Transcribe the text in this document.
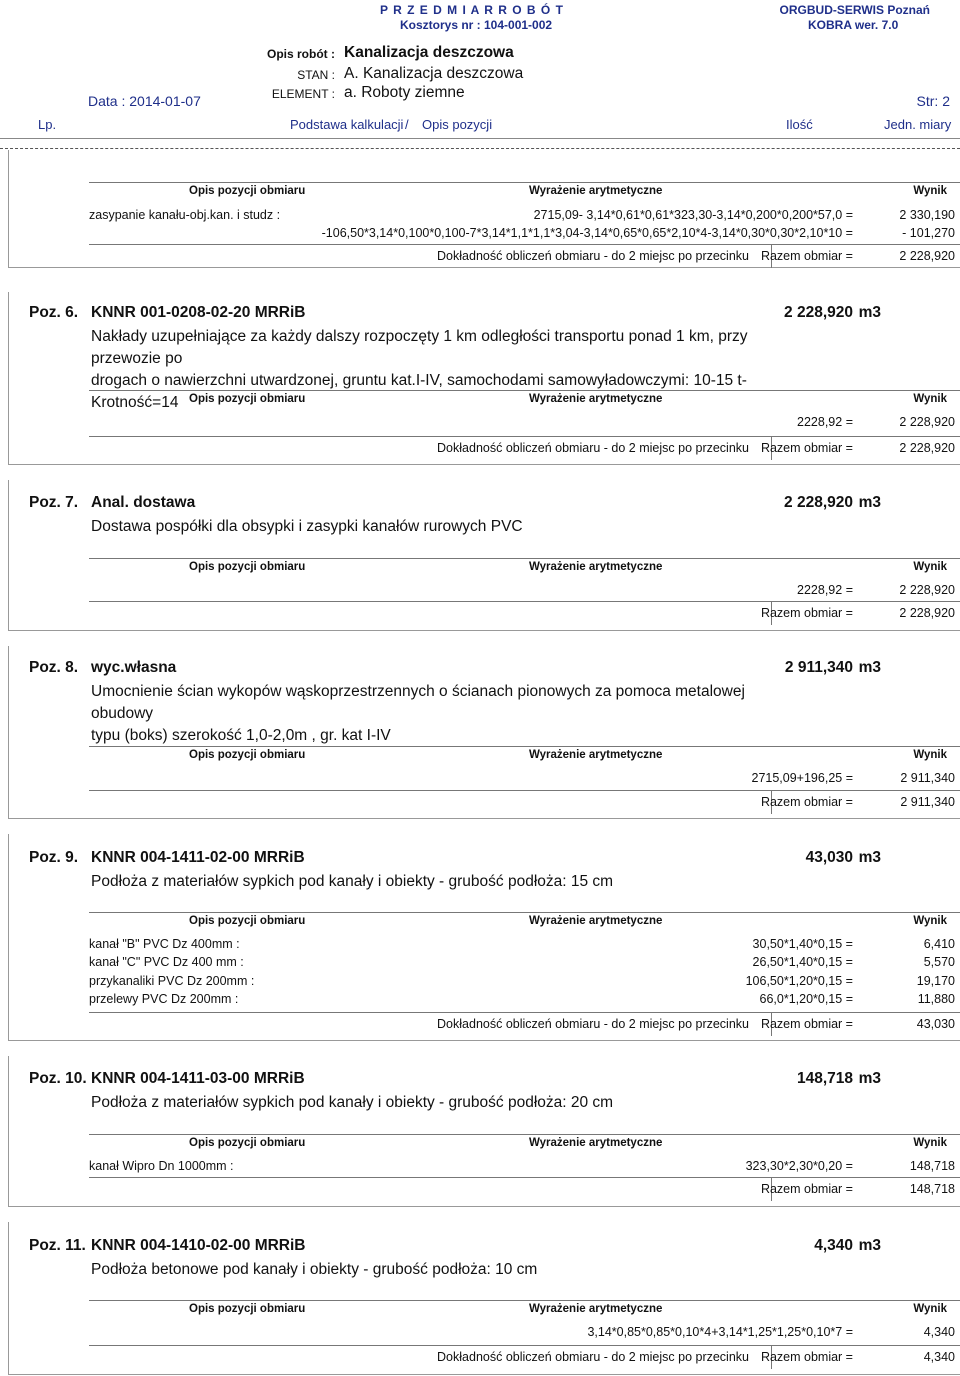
P R Z E D M I A R R O B Ó T	ORGBUD-SERWIS Poznań
Kosztorys nr : 104-001-002	KOBRA wer. 7.0
Opis robót : Kanalizacja deszczowa
STAN : A. Kanalizacja deszczowa
ELEMENT : a. Roboty ziemne
Data : 2014-01-07	Str: 2
Lp.	Podstawa kalkulacji / Opis pozycji	Ilość	Jedn. miary
Opis pozycji obmiaru	Wyrażenie arytmetyczne	Wynik
zasypanie kanału-obj.kan. i studz :	2715,09- 3,14*0,61*0,61*323,30-3,14*0,200*0,200*57,0 =	2 330,190
-106,50*3,14*0,100*0,100-7*3,14*1,1*1,1*3,04-3,14*0,65*0,65*2,10*4-3,14*0,30*0,30*2,10*10 =	- 101,270
Dokładność obliczeń obmiaru - do 2 miejsc po przecinku Razem obmiar =	2 228,920
Poz. 6. KNNR 001-0208-02-20 MRRiB	2 228,920 m3
Nakłady uzupełniające za każdy dalszy rozpoczęty 1 km odległości transportu ponad 1 km, przy przewozie po
drogach o nawierzchni utwardzonej, gruntu kat.I-IV, samochodami samowyładowczymi: 10-15 t-Krotność=14 Opis pozycji obmiaru	Wyrażenie arytmetyczne	Wynik
2228,92 =	2 228,920
Dokładność obliczeń obmiaru - do 2 miejsc po przecinku Razem obmiar =	2 228,920
Poz. 7. Anal. dostawa	2 228,920 m3
Dostawa pospółki dla obsypki i zasypki kanałów rurowych PVC
Opis pozycji obmiaru	Wyrażenie arytmetyczne	Wynik
2228,92 =	2 228,920
Razem obmiar =	2 228,920
Poz. 8. wyc.własna	2 911,340 m3
Umocnienie ścian wykopów wąskoprzestrzennych o ścianach pionowych za pomoca metalowej obudowy
typu (boks) szerokość 1,0-2,0m , gr. kat I-IV
Opis pozycji obmiaru	Wyrażenie arytmetyczne	Wynik
2715,09+196,25 =	2 911,340
Razem obmiar =	2 911,340
Poz. 9. KNNR 004-1411-02-00 MRRiB	43,030 m3
Podłoża z materiałów sypkich pod kanały i obiekty - grubość podłoża: 15 cm
Opis pozycji obmiaru	Wyrażenie arytmetyczne	Wynik
kanał "B" PVC Dz 400mm :	30,50*1,40*0,15 =	6,410
kanał "C" PVC Dz 400 mm :	26,50*1,40*0,15 =	5,570
przykanaliki PVC Dz 200mm :	106,50*1,20*0,15 =	19,170
przelewy PVC Dz 200mm :	66,0*1,20*0,15 =	11,880
Dokładność obliczeń obmiaru - do 2 miejsc po przecinku Razem obmiar =	43,030
Poz. 10. KNNR 004-1411-03-00 MRRiB	148,718 m3
Podłoża z materiałów sypkich pod kanały i obiekty - grubość podłoża: 20 cm
Opis pozycji obmiaru	Wyrażenie arytmetyczne	Wynik
kanał Wipro Dn 1000mm :	323,30*2,30*0,20 =	148,718
Razem obmiar =	148,718
Poz. 11. KNNR 004-1410-02-00 MRRiB	4,340 m3
Podłoża betonowe pod kanały i obiekty - grubość podłoża: 10 cm
Opis pozycji obmiaru	Wyrażenie arytmetyczne	Wynik
3,14*0,85*0,85*0,10*4+3,14*1,25*1,25*0,10*7 =	4,340
Dokładność obliczeń obmiaru - do 2 miejsc po przecinku Razem obmiar =	4,340
